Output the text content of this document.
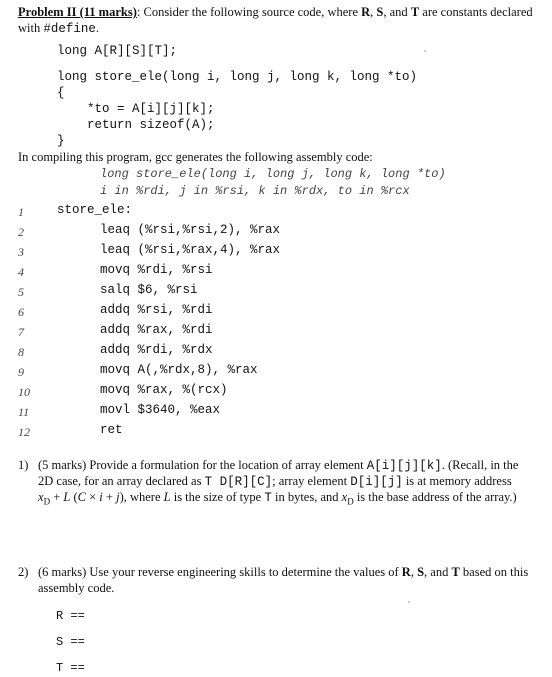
Problem II (11 marks): Consider the following source code, where R, S, and T are constants declared
with #define.
long A[R][S][T];
long store_ele(long i, long j, long k, long *to)
{
*to = A[i][j][k];
return sizeof(A);
}
In compiling this program, gcc generates the following assembly code:
long store_ele(long i, long j, long k, long *to)
i in %rdi, j in %rsi, k in %rdx, to in %rcx
1	store_ele:
2	leaq (%rsi,%rsi,2), %rax
3	leaq (%rsi,%rax,4), %rax
4	movq %rdi, %rsi
5	salq $6, %rsi
6	addq %rsi, %rdi
7	addq %rax, %rdi
8	addq %rdi, %rdx
9	movq A(,%rdx,8), %rax
10	movq %rax, %(rcx)
11	movl $3640, %eax
12	ret
1) (5 marks) Provide a formulation for the location of array element A[i][j][k]. (Recall, in the
2D case, for an array declared as T D[R][C]; array element D[i][j] is at memory address
$x_D + L$ (C × i + j), where L is the size of type T in bytes, and $x_D$ is the base address of the array.)
2) (6 marks) Use your reverse engineering skills to determine the values of R, S, and T based on this
assembly code.
R ==
S ==
T ==
